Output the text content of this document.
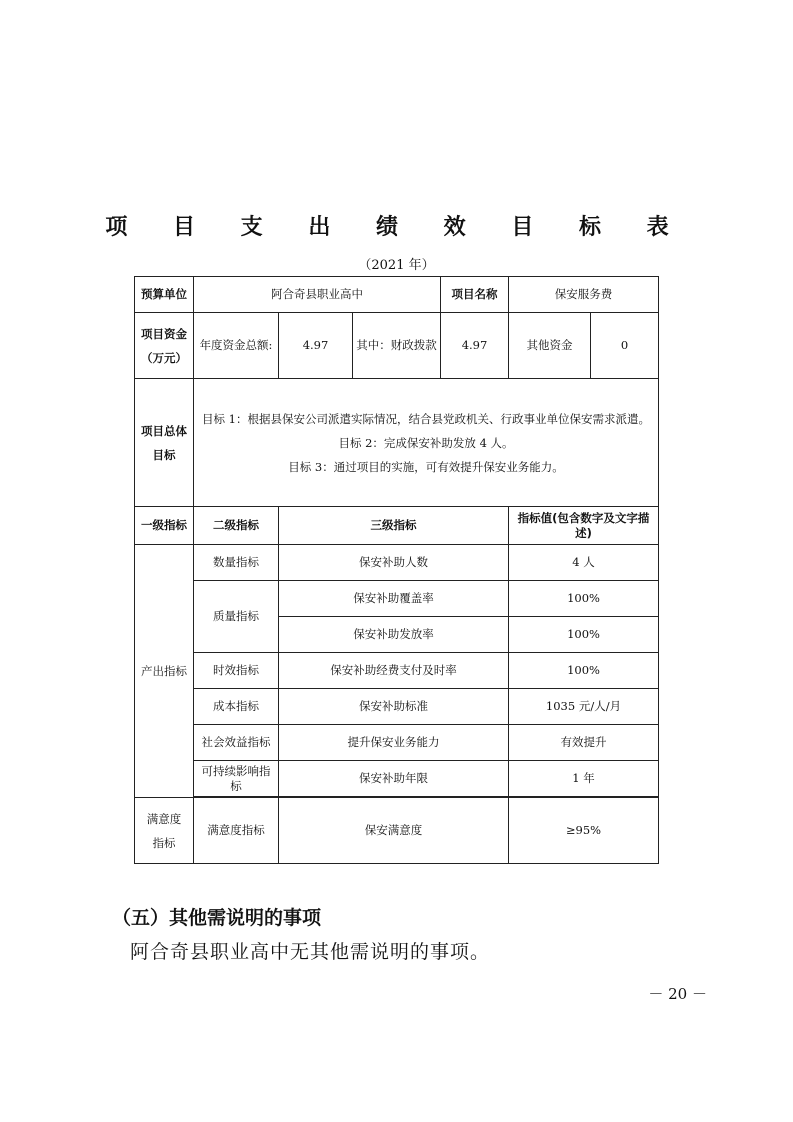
项 目 支 出 绩 效 目 标 表
（2021 年）
预算单位	阿合奇县职业高中			项目名称	保安服务费	

项目资金
（万元）	年度资金总额:	4.97	其中：财政拨款	4.97	其他资金	0

项目总体
目标	目标 1：根据县保安公司派遣实际情况，结合县党政机关、行政事业单位保安需求派遣。
目标 2：完成保安补助发放 4 人。
目标 3：通过项目的实施，可有效提升保安业务能力。					

一级指标	二级指标	三级指标			指标值(包含数字及文字描述)	
产出指标	数量指标	保安补助人数			4 人	
	质量指标	保安补助覆盖率			100%	
		保安补助发放率			100%	
	时效指标	保安补助经费支付及时率			100%	
	成本指标	保安补助标准			1035 元/人/月	
	社会效益指标	提升保安业务能力			有效提升	
	可持续影响指标	保安补助年限			1 年	

满意度
指标	满意度指标	保安满意度			≥95%	
（五）其他需说明的事项
阿合奇县职业高中无其他需说明的事项。
－ 20 －
